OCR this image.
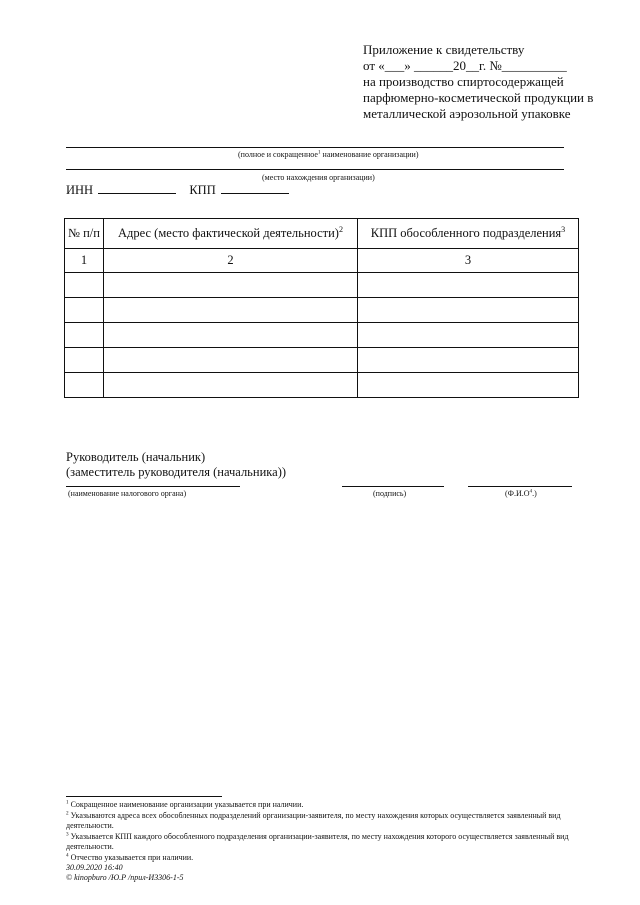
Приложение к свидетельству
от «___» ______20__г. №__________
на производство спиртосодержащей
парфюмерно-косметической продукции в
металлической аэрозольной упаковке
(полное и сокращенное$^1$ наименование организации)
(место нахождения организации)
ИНН	КПП
№ п/п	Адрес (место фактической деятельности)$^2$	КПП обособленного подразделения$^3$
1	2	3

Руководитель (начальник)
(заместитель руководителя (начальника))
(наименование налогового органа)	(подпись)	$(Ф.И.О^4.)$

$^1$ Сокращенное наименование организации указывается при наличии.

$^2$ Указываются адреса всех обособленных подразделений организации-заявителя, по месту нахождения которых осуществляется заявленный вид деятельности.

$^3$ Указывается КПП каждого обособленного подразделения организации-заявителя, по месту нахождения которого осуществляется заявленный вид деятельности.

$^4$ Отчество указывается при наличии.

30.09.2020 16:40
© kinopburo /Ю.Р /прил-ИЗ306-1-5
